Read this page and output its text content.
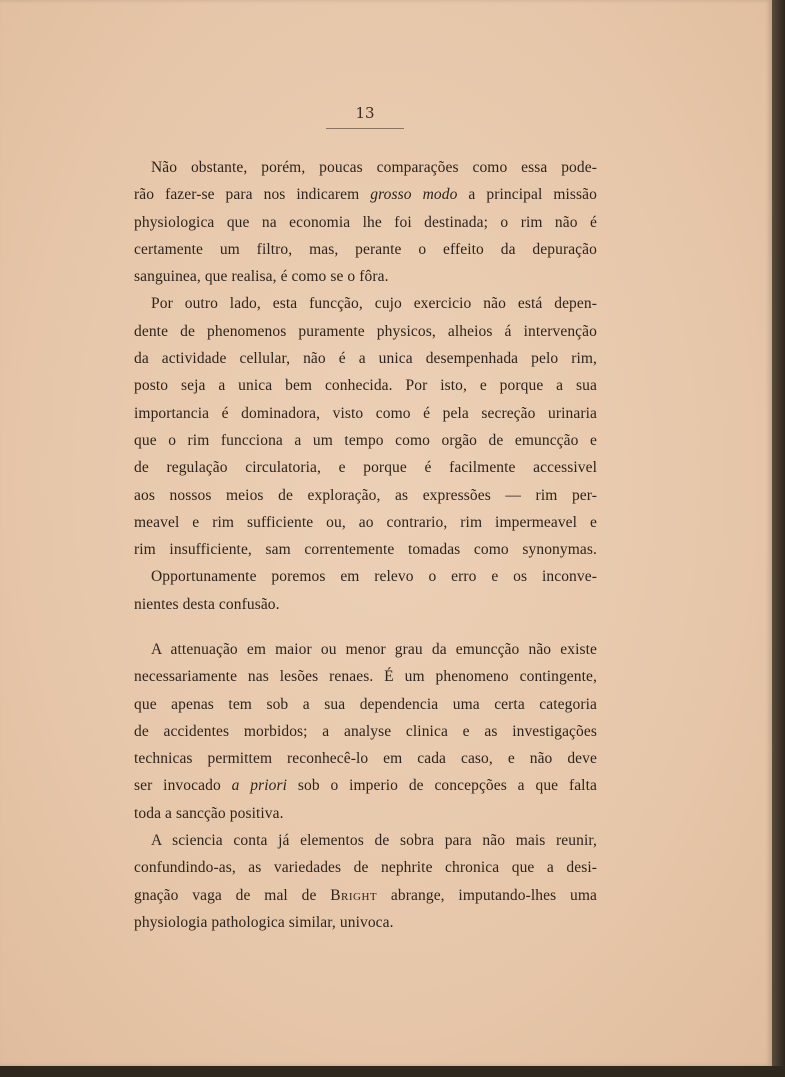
13
Não obstante, porém, poucas comparações como essa pode-
rão fazer-se para nos indicarem grosso modo a principal missão
physiologica que na economia lhe foi destinada; o rim não é
certamente um filtro, mas, perante o effeito da depuração
sanguinea, que realisa, é como se o fôra.
Por outro lado, esta funcção, cujo exercicio não está depen-
dente de phenomenos puramente physicos, alheios á intervenção
da actividade cellular, não é a unica desempenhada pelo rim,
posto seja a unica bem conhecida. Por isto, e porque a sua
importancia é dominadora, visto como é pela secreção urinaria
que o rim funcciona a um tempo como orgão de emuncção e
de regulação circulatoria, e porque é facilmente accessivel
aos nossos meios de exploração, as expressões — rim per-
meavel e rim sufficiente ou, ao contrario, rim impermeavel e
rim insufficiente, sam correntemente tomadas como synonymas.
Opportunamente poremos em relevo o erro e os inconve-
nientes desta confusão.
A attenuação em maior ou menor grau da emuncção não existe
necessariamente nas lesões renaes. É um phenomeno contingente,
que apenas tem sob a sua dependencia uma certa categoria
de accidentes morbidos; a analyse clinica e as investigações
technicas permittem reconhecê-lo em cada caso, e não deve
ser invocado a priori sob o imperio de concepções a que falta
toda a sancção positiva.
A sciencia conta já elementos de sobra para não mais reunir,
confundindo-as, as variedades de nephrite chronica que a desi-
gnação vaga de mal de Bright abrange, imputando-lhes uma
physiologia pathologica similar, univoca.
